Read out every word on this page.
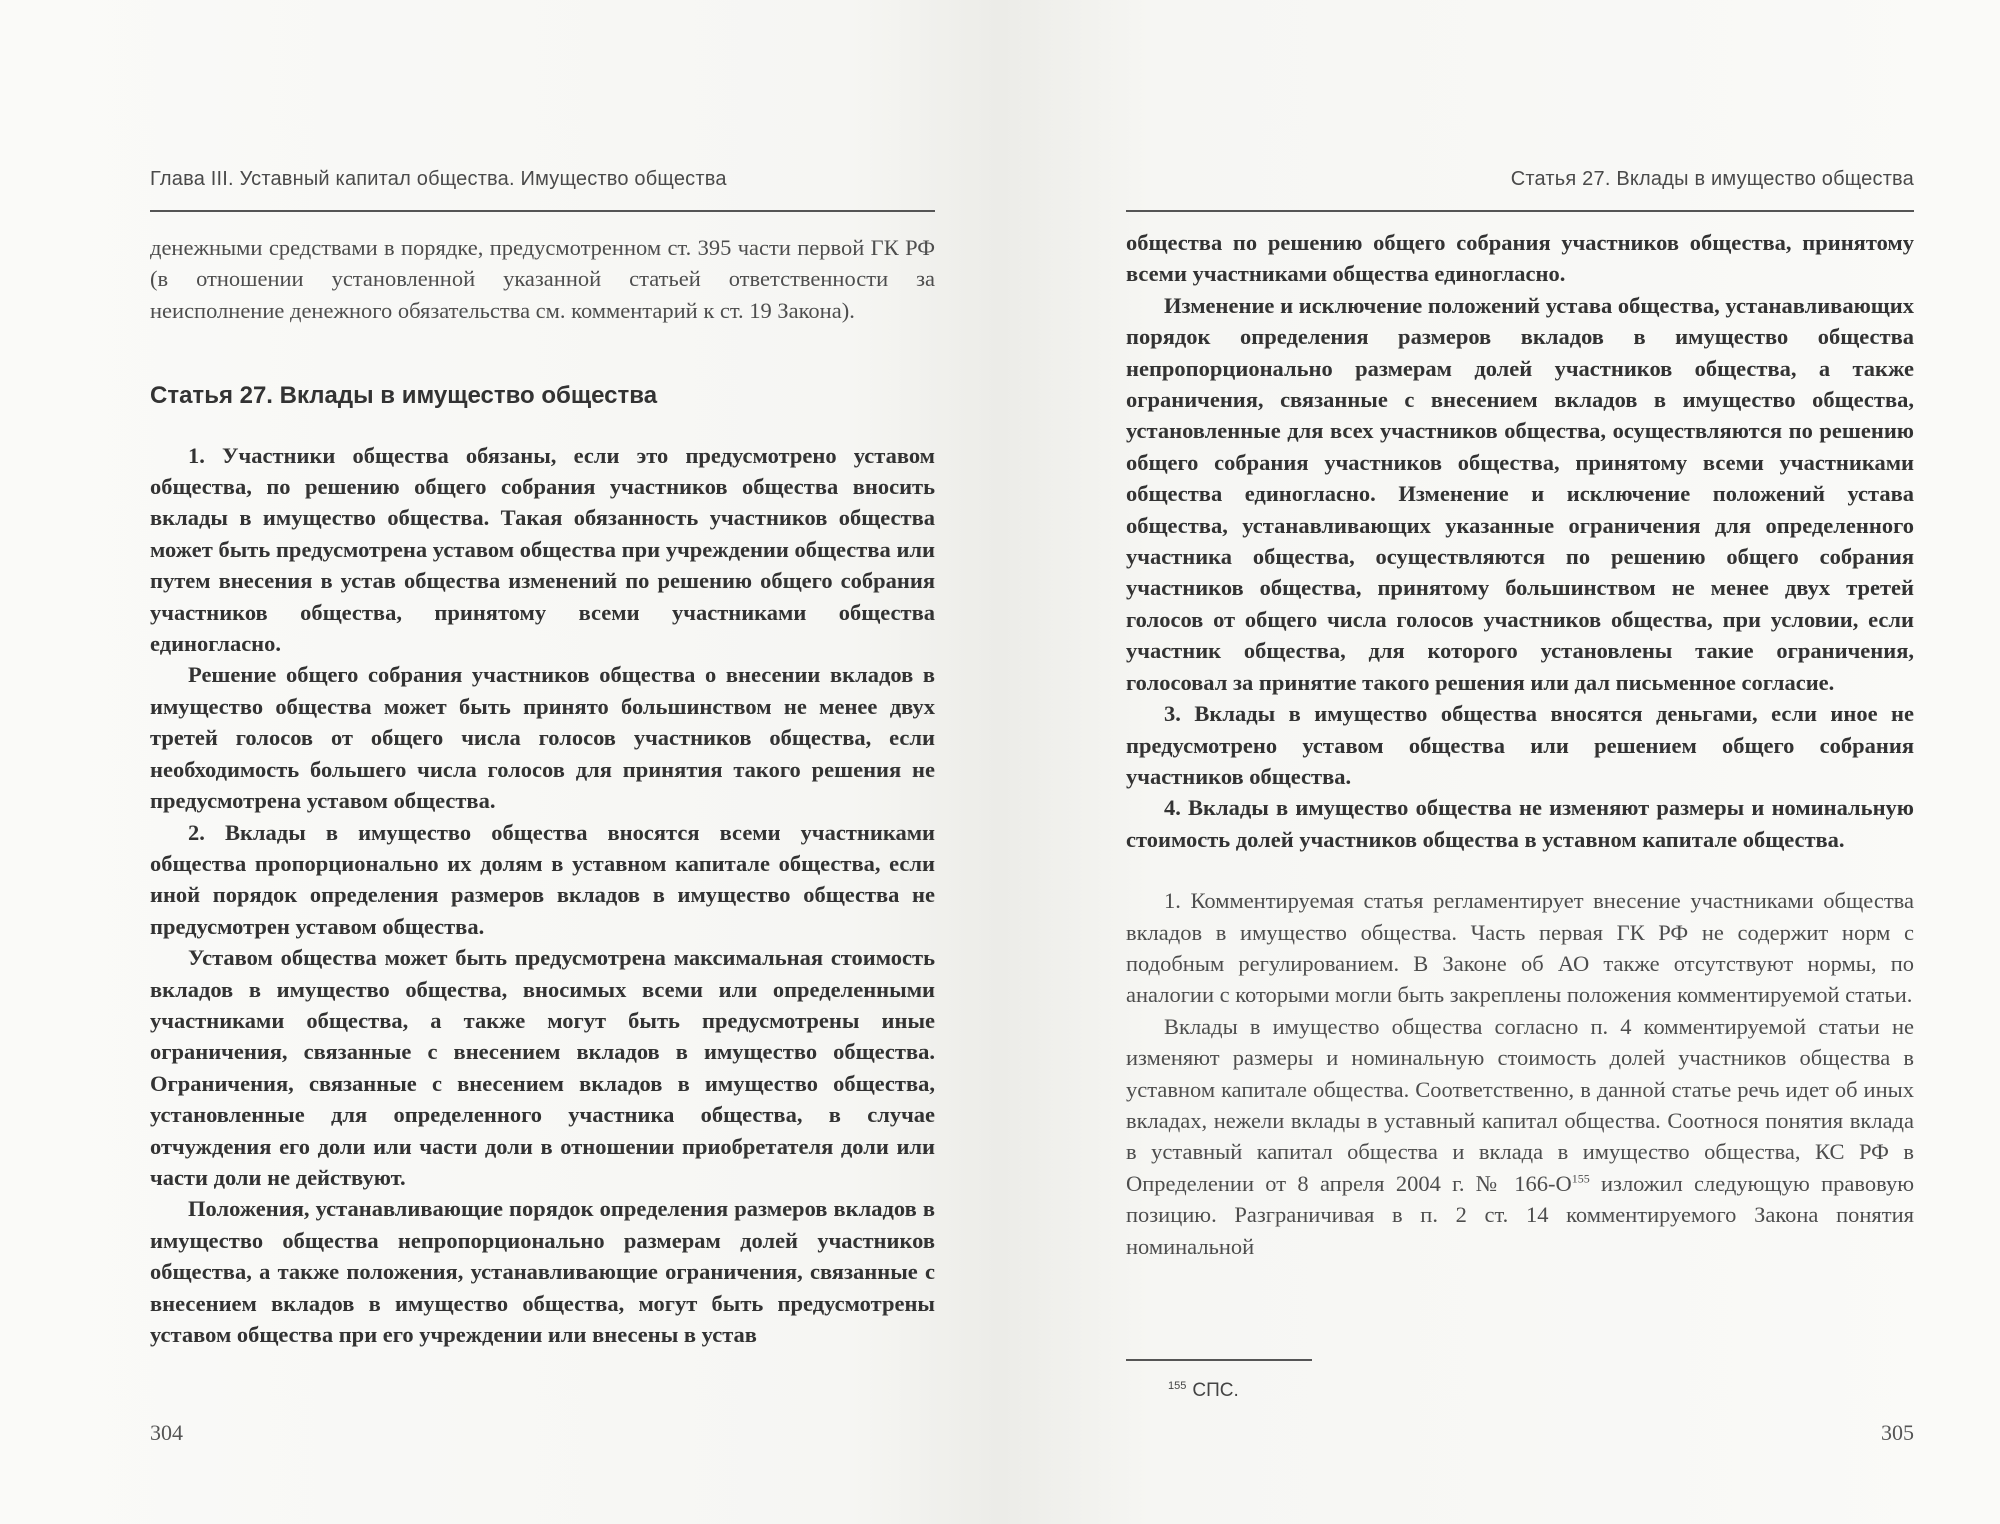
Глава III. Уставный капитал общества. Имущество общества

денежными средствами в порядке, предусмотренном ст. 395 части первой ГК РФ (в отношении установленной указанной статьей ответственности за неисполнение денежного обязательства см. комментарий к ст. 19 Закона).

Статья 27. Вклады в имущество общества

1. Участники общества обязаны, если это предусмотрено уставом общества, по решению общего собрания участников общества вносить вклады в имущество общества. Такая обязанность участников общества может быть предусмотрена уставом общества при учреждении общества или путем внесения в устав общества изменений по решению общего собрания участников общества, принятому всеми участниками общества единогласно.

Решение общего собрания участников общества о внесении вкладов в имущество общества может быть принято большинством не менее двух третей голосов от общего числа голосов участников общества, если необходимость большего числа голосов для принятия такого решения не предусмотрена уставом общества.

2. Вклады в имущество общества вносятся всеми участниками общества пропорционально их долям в уставном капитале общества, если иной порядок определения размеров вкладов в имущество общества не предусмотрен уставом общества.

Уставом общества может быть предусмотрена максимальная стоимость вкладов в имущество общества, вносимых всеми или определенными участниками общества, а также могут быть предусмотрены иные ограничения, связанные с внесением вкладов в имущество общества. Ограничения, связанные с внесением вкладов в имущество общества, установленные для определенного участника общества, в случае отчуждения его доли или части доли в отношении приобретателя доли или части доли не действуют.

Положения, устанавливающие порядок определения размеров вкладов в имущество общества непропорционально размерам долей участников общества, а также положения, устанавливающие ограничения, связанные с внесением вкладов в имущество общества, могут быть предусмотрены уставом общества при его учреждении или внесены в устав

304
Статья 27. Вклады в имущество общества

общества по решению общего собрания участников общества, принятому всеми участниками общества единогласно.

Изменение и исключение положений устава общества, устанавливающих порядок определения размеров вкладов в имущество общества непропорционально размерам долей участников общества, а также ограничения, связанные с внесением вкладов в имущество общества, установленные для всех участников общества, осуществляются по решению общего собрания участников общества, принятому всеми участниками общества единогласно. Изменение и исключение положений устава общества, устанавливающих указанные ограничения для определенного участника общества, осуществляются по решению общего собрания участников общества, принятому большинством не менее двух третей голосов от общего числа голосов участников общества, при условии, если участник общества, для которого установлены такие ограничения, голосовал за принятие такого решения или дал письменное согласие.

3. Вклады в имущество общества вносятся деньгами, если иное не предусмотрено уставом общества или решением общего собрания участников общества.

4. Вклады в имущество общества не изменяют размеры и номинальную стоимость долей участников общества в уставном капитале общества.

1. Комментируемая статья регламентирует внесение участниками общества вкладов в имущество общества. Часть первая ГК РФ не содержит норм с подобным регулированием. В Законе об АО также отсутствуют нормы, по аналогии с которыми могли быть закреплены положения комментируемой статьи.

Вклады в имущество общества согласно п. 4 комментируемой статьи не изменяют размеры и номинальную стоимость долей участников общества в уставном капитале общества. Соответственно, в данной статье речь идет об иных вкладах, нежели вклады в уставный капитал общества. Соотнося понятия вклада в уставный капитал общества и вклада в имущество общества, КС РФ в Определении от 8 апреля 2004 г. № $166-О^{155}$ изложил следующую правовую позицию. Разграничивая в п. 2 ст. 14 комментируемого Закона понятия номинальной

$^{155}$ СПС.
305
